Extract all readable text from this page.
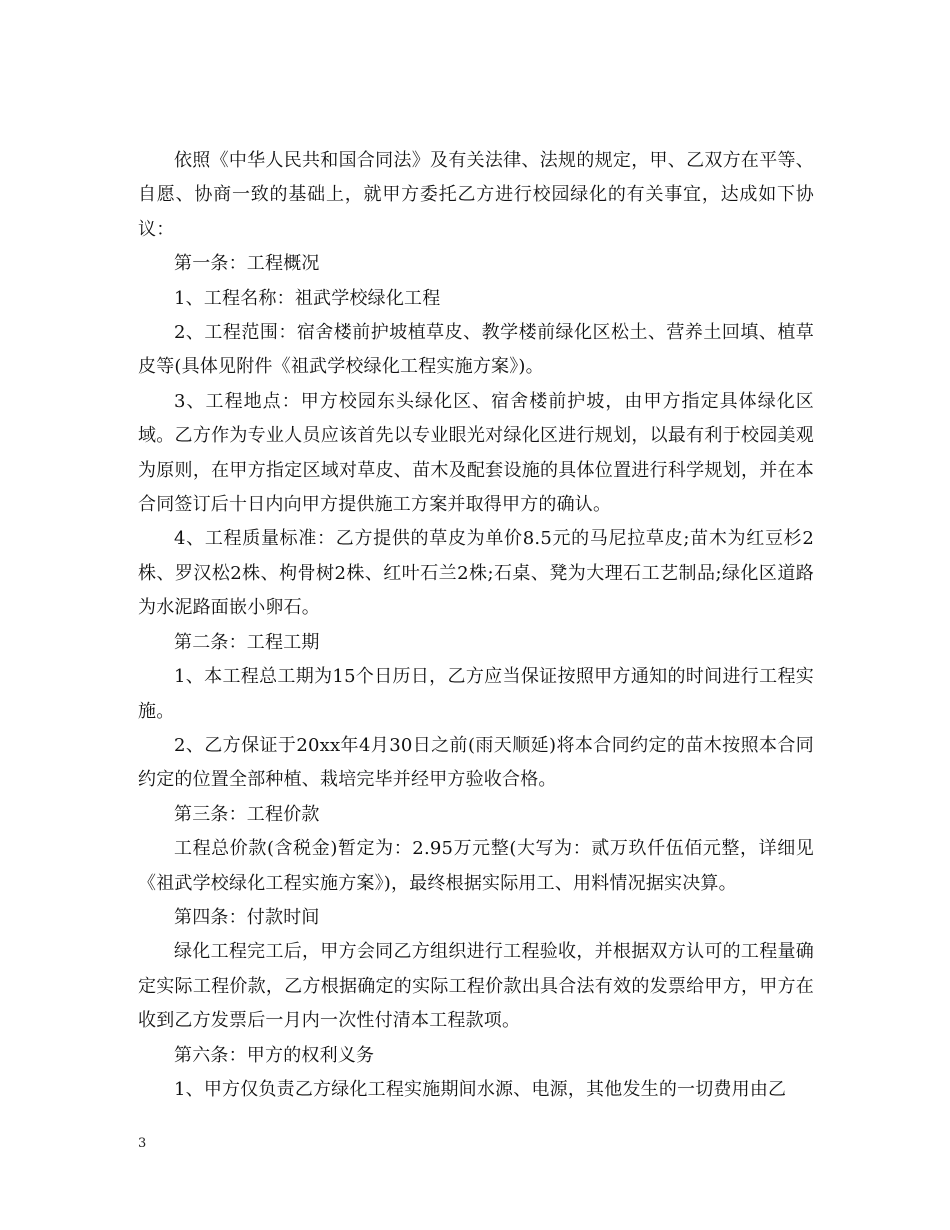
依照《中华人民共和国合同法》及有关法律、法规的规定，甲、乙双方在平等、自愿、协商一致的基础上，就甲方委托乙方进行校园绿化的有关事宜，达成如下协议：

第一条：工程概况

1、工程名称：祖武学校绿化工程

2、工程范围：宿舍楼前护坡植草皮、教学楼前绿化区松土、营养土回填、植草皮等(具体见附件《祖武学校绿化工程实施方案》)。

3、工程地点：甲方校园东头绿化区、宿舍楼前护坡，由甲方指定具体绿化区域。乙方作为专业人员应该首先以专业眼光对绿化区进行规划，以最有利于校园美观为原则，在甲方指定区域对草皮、苗木及配套设施的具体位置进行科学规划，并在本合同签订后十日内向甲方提供施工方案并取得甲方的确认。

4、工程质量标准：乙方提供的草皮为单价8.5元的马尼拉草皮;苗木为红豆杉2株、罗汉松2株、枸骨树2株、红叶石兰2株;石桌、凳为大理石工艺制品;绿化区道路为水泥路面嵌小卵石。

第二条：工程工期

1、本工程总工期为15个日历日，乙方应当保证按照甲方通知的时间进行工程实施。

2、乙方保证于20xx年4月30日之前(雨天顺延)将本合同约定的苗木按照本合同约定的位置全部种植、栽培完毕并经甲方验收合格。

第三条：工程价款

工程总价款(含税金)暂定为：2.95万元整(大写为：贰万玖仟伍佰元整，详细见《祖武学校绿化工程实施方案》)，最终根据实际用工、用料情况据实决算。

第四条：付款时间

绿化工程完工后，甲方会同乙方组织进行工程验收，并根据双方认可的工程量确定实际工程价款，乙方根据确定的实际工程价款出具合法有效的发票给甲方，甲方在收到乙方发票后一月内一次性付清本工程款项。

第六条：甲方的权利义务

1、甲方仅负责乙方绿化工程实施期间水源、电源，其他发生的一切费用由乙

3
